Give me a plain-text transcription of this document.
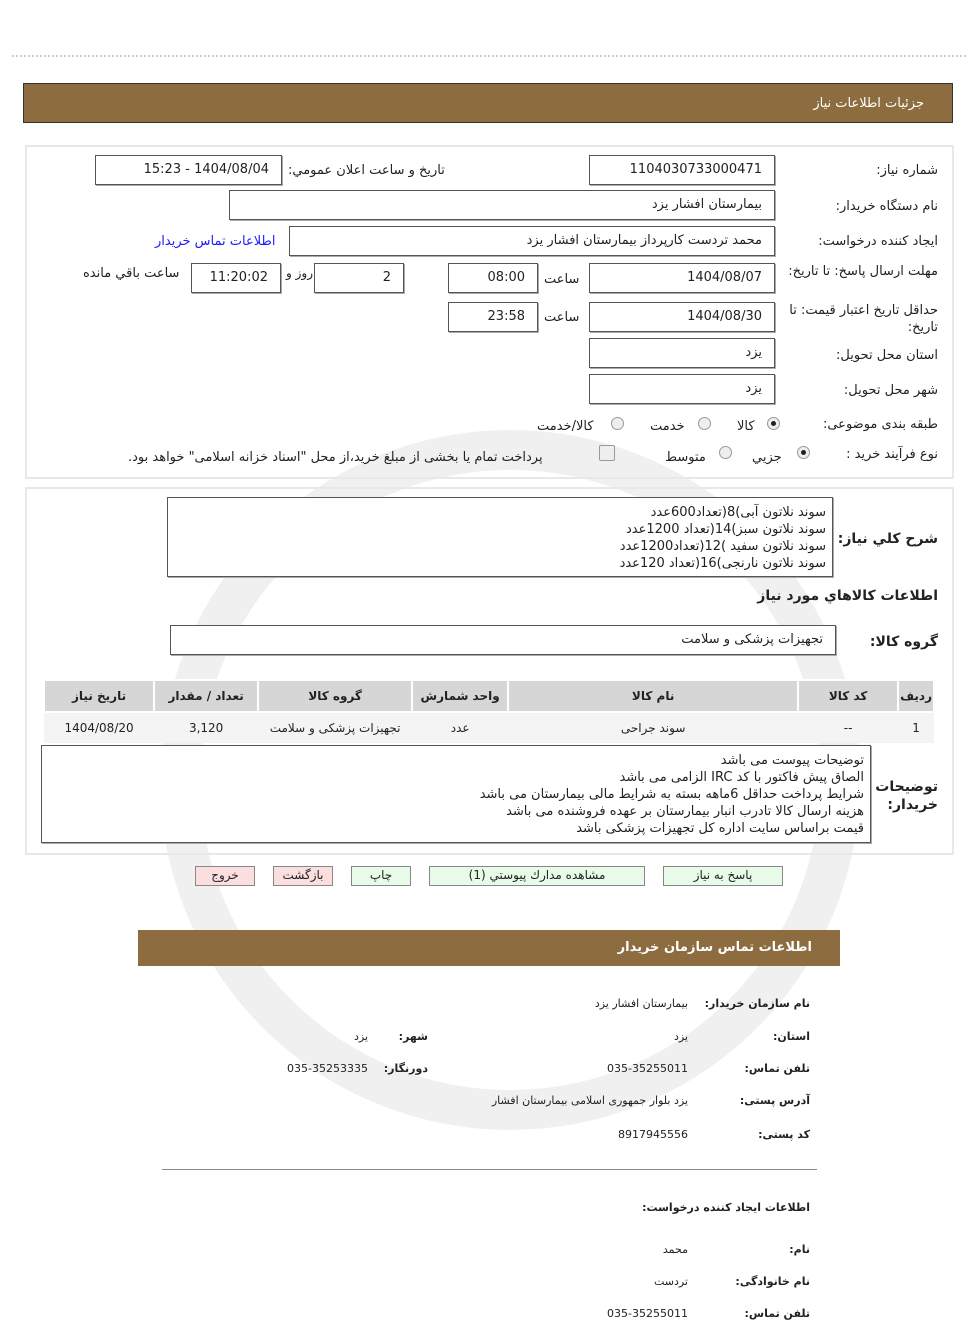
جزئيات اطلاعات نياز
شماره نياز:
1104030733000471
تاريخ و ساعت اعلان عمومي:
1404/08/04 - 15:23
نام دستگاه خريدار:
بيمارستان افشار يزد
ايجاد كننده درخواست:
محمد تردست کارپرداز بیمارستان افشار یزد
اطلاعات تماس خريدار
مهلت ارسال پاسخ: تا تاريخ:
1404/08/07
ساعت
08:00
2
روز و
11:20:02
ساعت باقي مانده
حداقل تاريخ اعتبار قيمت: تا تاريخ:
1404/08/30
ساعت
23:58
استان محل تحويل:
يزد
شهر محل تحويل:
يزد
طبقه بندی موضوعی:
كالا
خدمت
كالا/خدمت
نوع فرآيند خريد :
جزيي
متوسط
پرداخت تمام يا بخشی از مبلغ خريد،از محل "اسناد خزانه اسلامی" خواهد بود.
شرح كلي نياز:
سوند نلاتون آبی)8(تعداد600عدد
سوند نلاتون سبز)14(تعداد 1200عدد
سوند نلاتون سفید )12(تعداد1200عدد
سوند نلاتون نارنجی)16(تعداد 120عدد
اطلاعات كالاهاي مورد نياز
گروه كالا:
تجهيزات پزشكی و سلامت
رديف	كد كالا	نام كالا	واحد شمارش	گروه كالا	تعداد / مقدار	تاريخ نياز
1	--	سوند جراحی	عدد	تجهيزات پزشكی و سلامت	3,120	1404/08/20
توضيحات خريدار:
توضیحات پیوست می باشد
الصاق پیش فاکتور با کد IRC الزامی می باشد
شرایط پرداخت حداقل 6ماهه بسته به شرایط مالی بیمارستان می باشد
هزینه ارسال کالا تادرب انبار بیمارستان بر عهده فروشنده می باشد
قیمت براساس سایت اداره کل تجهیزات پزشکی باشد
پاسخ به نياز
مشاهده مدارك پيوستي (1)
چاپ
بازگشت
خروج
اطلاعات تماس سازمان خريدار
نام سازمان خريدار:
بيمارستان افشار يزد
استان:
يزد
شهر:
يزد
تلفن تماس:
035-35255011
دورنگار:
035-35253335
آدرس پستی:
یزد بلوار جمهوری اسلامی بیمارستان افشار
كد پستی:
8917945556
اطلاعات ايجاد كننده درخواست:
نام:
محمد
نام خانوادگی:
تردست
تلفن تماس:
035-35255011
